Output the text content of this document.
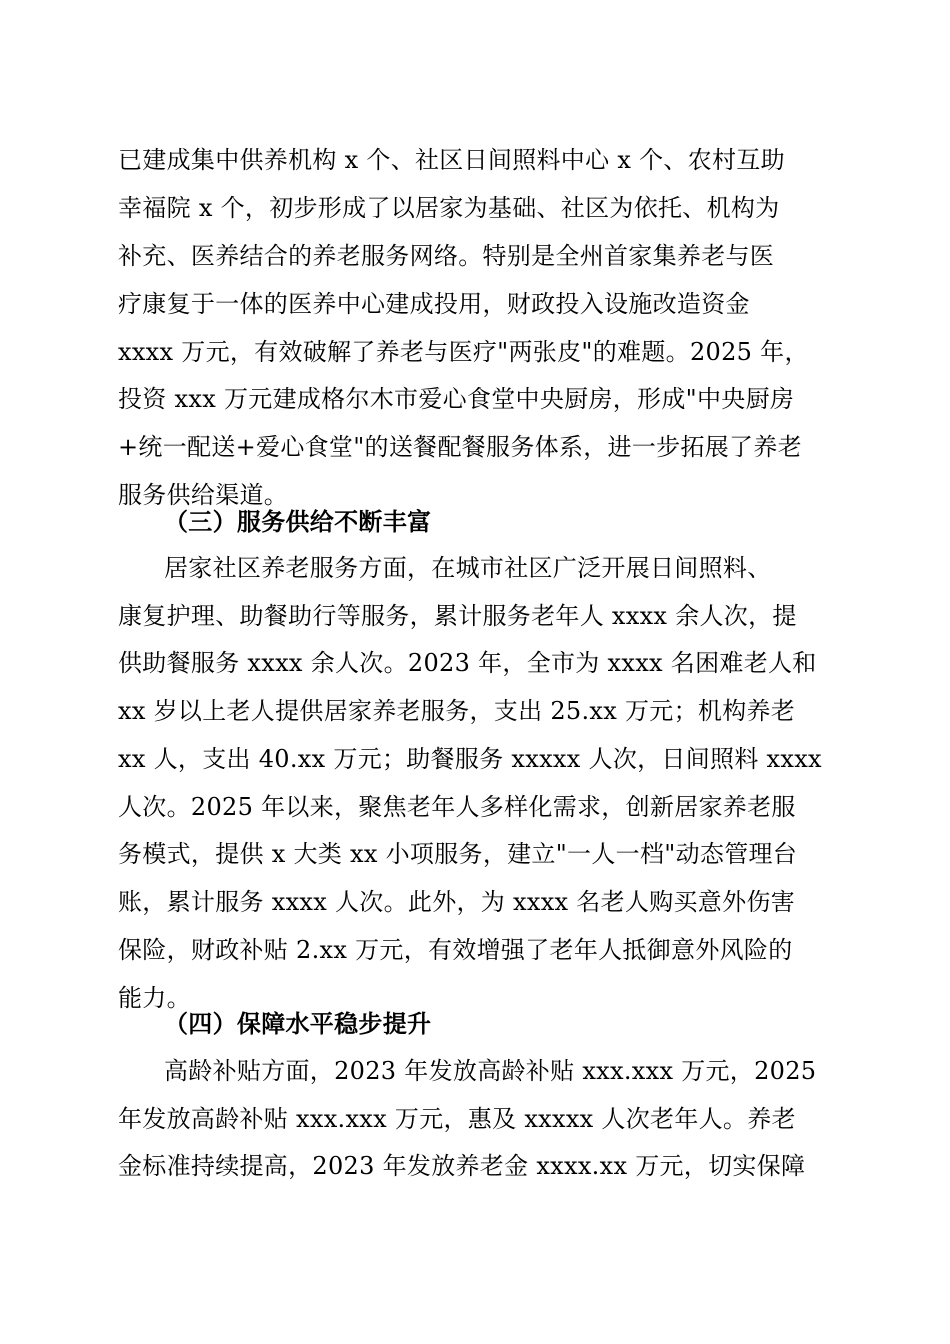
已建成集中供养机构 x 个、社区日间照料中心 x 个、农村互助
幸福院 x 个，初步形成了以居家为基础、社区为依托、机构为
补充、医养结合的养老服务网络。特别是全州首家集养老与医
疗康复于一体的医养中心建成投用，财政投入设施改造资金
xxxx 万元，有效破解了养老与医疗"两张皮"的难题。2025 年，
投资 xxx 万元建成格尔木市爱心食堂中央厨房，形成"中央厨房
+统一配送+爱心食堂"的送餐配餐服务体系，进一步拓展了养老
服务供给渠道。
（三）服务供给不断丰富
居家社区养老服务方面，在城市社区广泛开展日间照料、
康复护理、助餐助行等服务，累计服务老年人 xxxx 余人次，提
供助餐服务 xxxx 余人次。2023 年，全市为 xxxx 名困难老人和
xx 岁以上老人提供居家养老服务，支出 25.xx 万元；机构养老
xx 人，支出 40.xx 万元；助餐服务 xxxxx 人次，日间照料 xxxx
人次。2025 年以来，聚焦老年人多样化需求，创新居家养老服
务模式，提供 x 大类 xx 小项服务，建立"一人一档"动态管理台
账，累计服务 xxxx 人次。此外，为 xxxx 名老人购买意外伤害
保险，财政补贴 2.xx 万元，有效增强了老年人抵御意外风险的
能力。
（四）保障水平稳步提升
高龄补贴方面，2023 年发放高龄补贴 xxx.xxx 万元，2025
年发放高龄补贴 xxx.xxx 万元，惠及 xxxxx 人次老年人。养老
金标准持续提高，2023 年发放养老金 xxxx.xx 万元，切实保障
